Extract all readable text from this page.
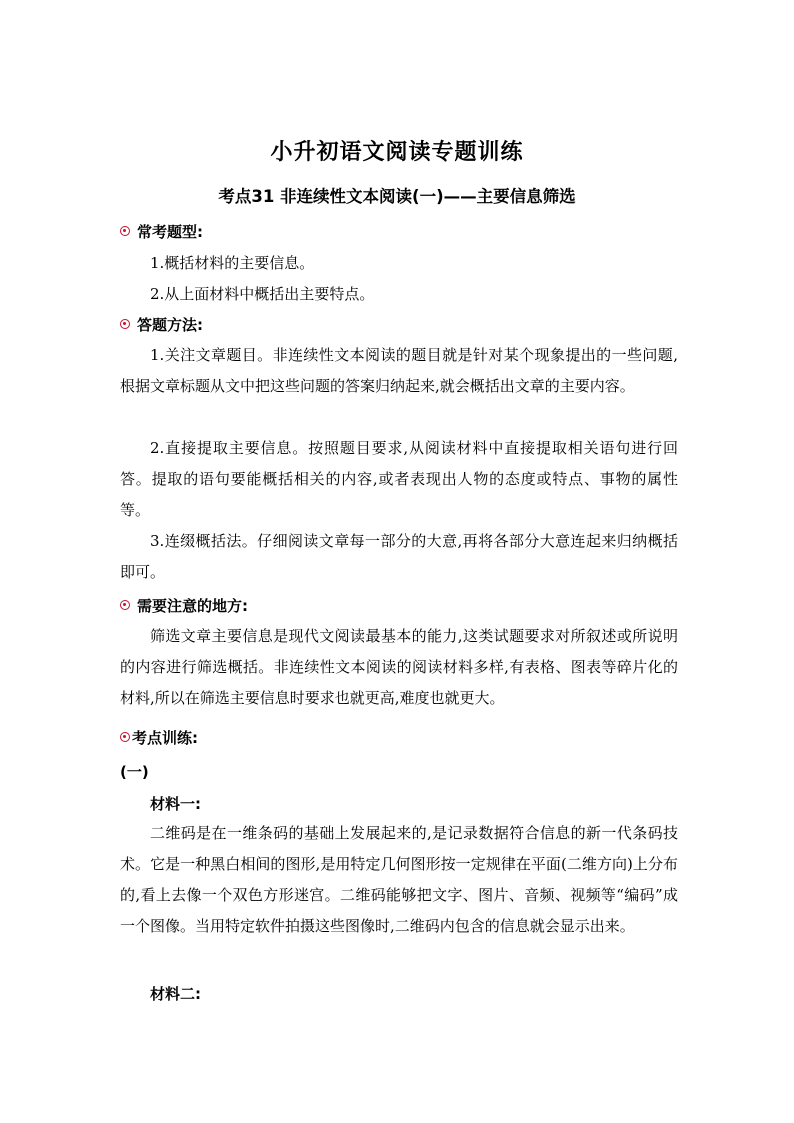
小升初语文阅读专题训练
考点31 非连续性文本阅读(一)——主要信息筛选
常考题型:
1.概括材料的主要信息。
2.从上面材料中概括出主要特点。
答题方法:
1.关注文章题目。非连续性文本阅读的题目就是针对某个现象提出的一些问题,根据文章标题从文中把这些问题的答案归纳起来,就会概括出文章的主要内容。
2.直接提取主要信息。按照题目要求,从阅读材料中直接提取相关语句进行回答。提取的语句要能概括相关的内容,或者表现出人物的态度或特点、事物的属性等。
3.连缀概括法。仔细阅读文章每一部分的大意,再将各部分大意连起来归纳概括即可。
需要注意的地方:
筛选文章主要信息是现代文阅读最基本的能力,这类试题要求对所叙述或所说明的内容进行筛选概括。非连续性文本阅读的阅读材料多样,有表格、图表等碎片化的材料,所以在筛选主要信息时要求也就更高,难度也就更大。
考点训练:
(一)
材料一:
二维码是在一维条码的基础上发展起来的,是记录数据符合信息的新一代条码技术。它是一种黑白相间的图形,是用特定几何图形按一定规律在平面(二维方向)上分布的,看上去像一个双色方形迷宫。二维码能够把文字、图片、音频、视频等“编码”成一个图像。当用特定软件拍摄这些图像时,二维码内包含的信息就会显示出来。
材料二:
